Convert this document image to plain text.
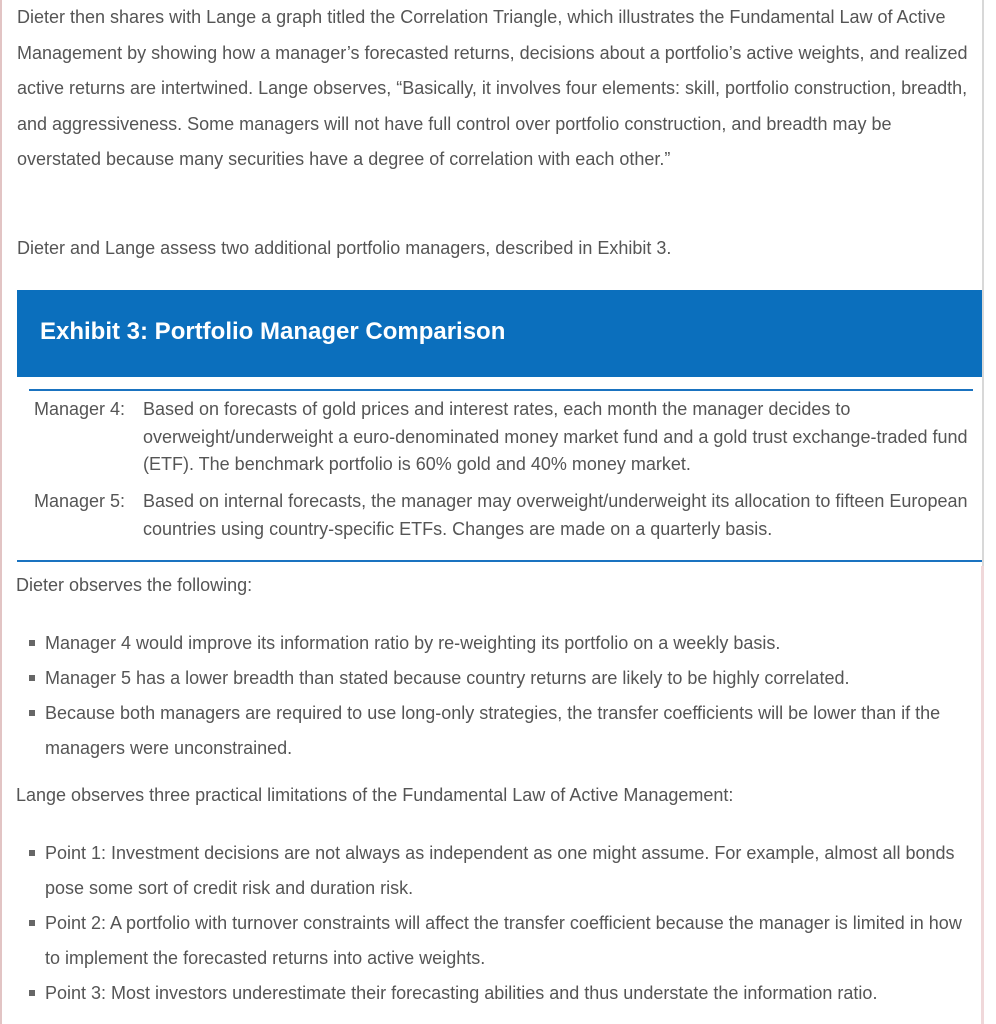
Dieter then shares with Lange a graph titled the Correlation Triangle, which illustrates the Fundamental Law of Active Management by showing how a manager’s forecasted returns, decisions about a portfolio’s active weights, and realized active returns are intertwined. Lange observes, “Basically, it involves four elements: skill, portfolio construction, breadth, and aggressiveness. Some managers will not have full control over portfolio construction, and breadth may be overstated because many securities have a degree of correlation with each other.”

Dieter and Lange assess two additional portfolio managers, described in Exhibit 3.

Exhibit 3: Portfolio Manager Comparison
Manager 4: Based on forecasts of gold prices and interest rates, each month the manager decides to overweight/underweight a euro-denominated money market fund and a gold trust exchange-traded fund (ETF). The benchmark portfolio is 60% gold and 40% money market.
Manager 5: Based on internal forecasts, the manager may overweight/underweight its allocation to fifteen European countries using country-specific ETFs. Changes are made on a quarterly basis.
Dieter observes the following:
Manager 4 would improve its information ratio by re-weighting its portfolio on a weekly basis.
Manager 5 has a lower breadth than stated because country returns are likely to be highly correlated.
Because both managers are required to use long-only strategies, the transfer coefficients will be lower than if the managers were unconstrained.
Lange observes three practical limitations of the Fundamental Law of Active Management:
Point 1: Investment decisions are not always as independent as one might assume. For example, almost all bonds pose some sort of credit risk and duration risk.
Point 2: A portfolio with turnover constraints will affect the transfer coefficient because the manager is limited in how to implement the forecasted returns into active weights.
Point 3: Most investors underestimate their forecasting abilities and thus understate the information ratio.
